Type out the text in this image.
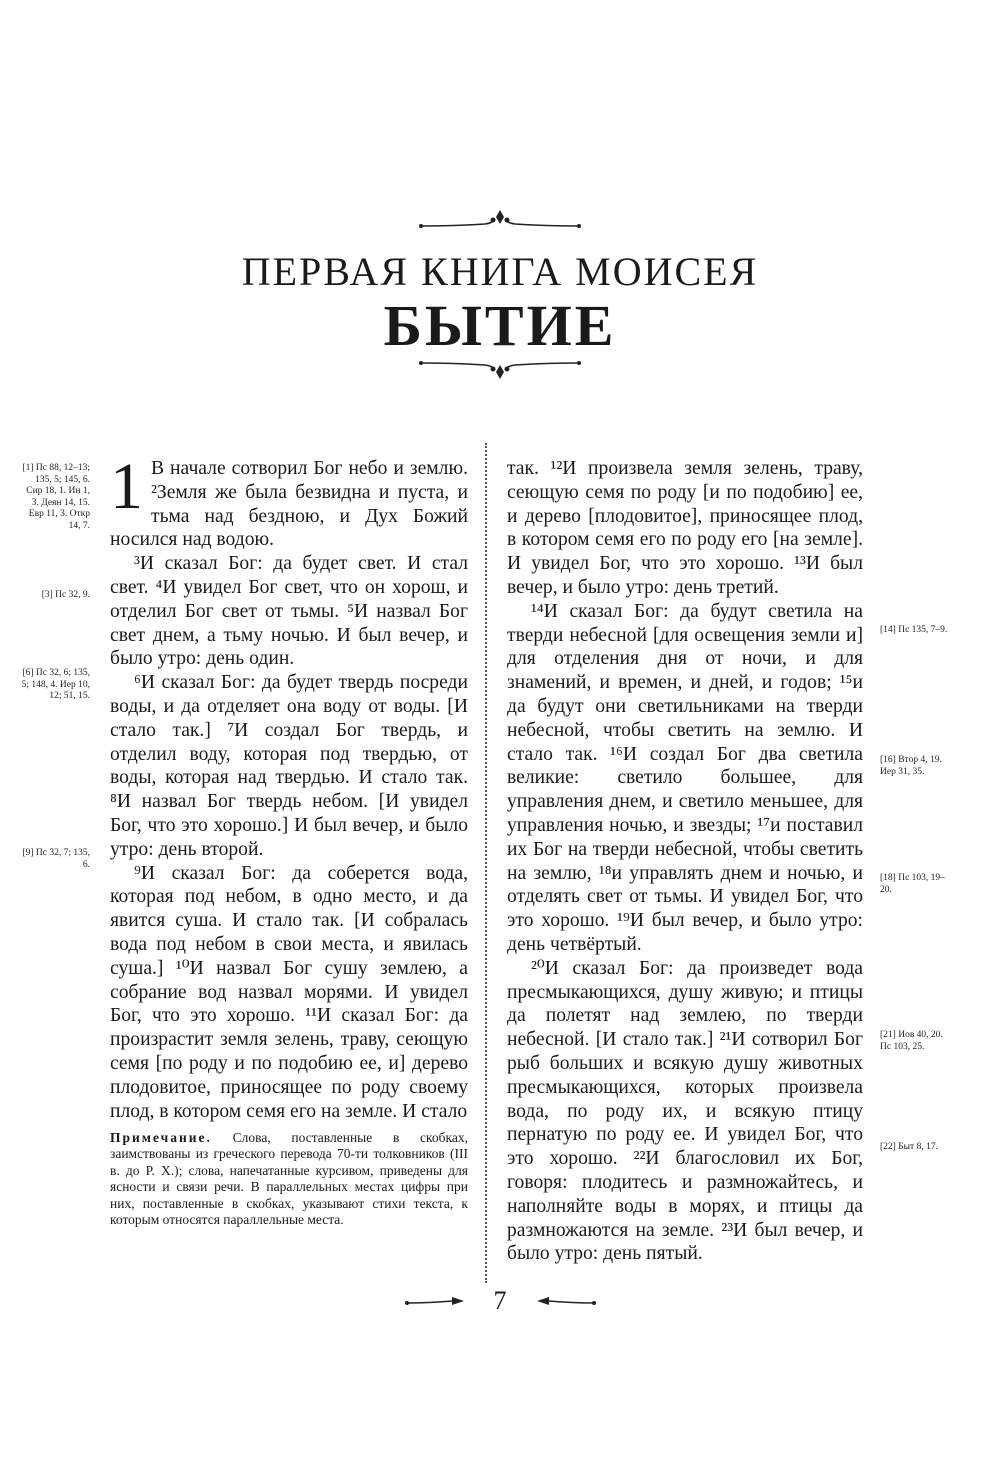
ПЕРВАЯ КНИГА МОИСЕЯ
БЫТИЕ
[1] Пс 88, 12–13; 135, 5; 145, 6. Сир 18, 1. Ин 1, 3. Деян 14, 15. Евр 11, 3. Откр 14, 7.
[3] Пс 32, 9.
[6] Пс 32, 6; 135, 5; 148, 4. Иер 10, 12; 51, 15.
[9] Пс 32, 7; 135, 6.
1 В начале сотворил Бог небо и землю. ²Земля же была безвидна и пуста, и тьма над бездною, и Дух Божий носился над водою.

³И сказал Бог: да будет свет. И стал свет. ⁴И увидел Бог свет, что он хорош, и отделил Бог свет от тьмы. ⁵И назвал Бог свет днем, а тьму ночью. И был вечер, и было утро: день один.

⁶И сказал Бог: да будет твердь посреди воды, и да отделяет она воду от воды. [И стало так.] ⁷И создал Бог твердь, и отделил воду, которая под твердью, от воды, которая над твердью. И стало так. ⁸И назвал Бог твердь небом. [И увидел Бог, что это хорошо.] И был вечер, и было утро: день второй.

⁹И сказал Бог: да соберется вода, которая под небом, в одно место, и да явится суша. И стало так. [И собралась вода под небом в свои места, и явилась суша.] ¹⁰И назвал Бог сушу землею, а собрание вод назвал морями. И увидел Бог, что это хорошо. ¹¹И сказал Бог: да произрастит земля зелень, траву, сеющую семя [по роду и по подобию ее, и] дерево плодовитое, приносящее по роду своему плод, в котором семя его на земле. И стало

Примечание. Слова, поставленные в скобках, заимствованы из греческого перевода 70-ти толковников (III в. до Р. Х.); слова, напечатанные курсивом, приведены для ясности и связи речи. В параллельных местах цифры при них, поставленные в скобках, указывают стихи текста, к которым относятся параллельные места.

так. ¹²И произвела земля зелень, траву, сеющую семя по роду [и по подобию] ее, и дерево [плодовитое], приносящее плод, в котором семя его по роду его [на земле]. И увидел Бог, что это хорошо. ¹³И был вечер, и было утро: день третий.

¹⁴И сказал Бог: да будут светила на тверди небесной [для освещения земли и] для отделения дня от ночи, и для знамений, и времен, и дней, и годов; ¹⁵и да будут они светильниками на тверди небесной, чтобы светить на землю. И стало так. ¹⁶И создал Бог два светила великие: светило большее, для управления днем, и светило меньшее, для управления ночью, и звезды; ¹⁷и поставил их Бог на тверди небесной, чтобы светить на землю, ¹⁸и управлять днем и ночью, и отделять свет от тьмы. И увидел Бог, что это хорошо. ¹⁹И был вечер, и было утро: день четвёртый.

²⁰И сказал Бог: да произведет вода пресмыкающихся, душу живую; и птицы да полетят над землею, по тверди небесной. [И стало так.] ²¹И сотворил Бог рыб больших и всякую душу животных пресмыкающихся, которых произвела вода, по роду их, и всякую птицу пернатую по роду ее. И увидел Бог, что это хорошо. ²²И благословил их Бог, говоря: плодитесь и размножайтесь, и наполняйте воды в морях, и птицы да размножаются на земле. ²³И был вечер, и было утро: день пятый.

[14] Пс 135, 7–9.
[16] Втор 4, 19. Иер 31, 35.
[18] Пс 103, 19–20.
[21] Иов 40, 20. Пс 103, 25.
[22] Быт 8, 17.
7
